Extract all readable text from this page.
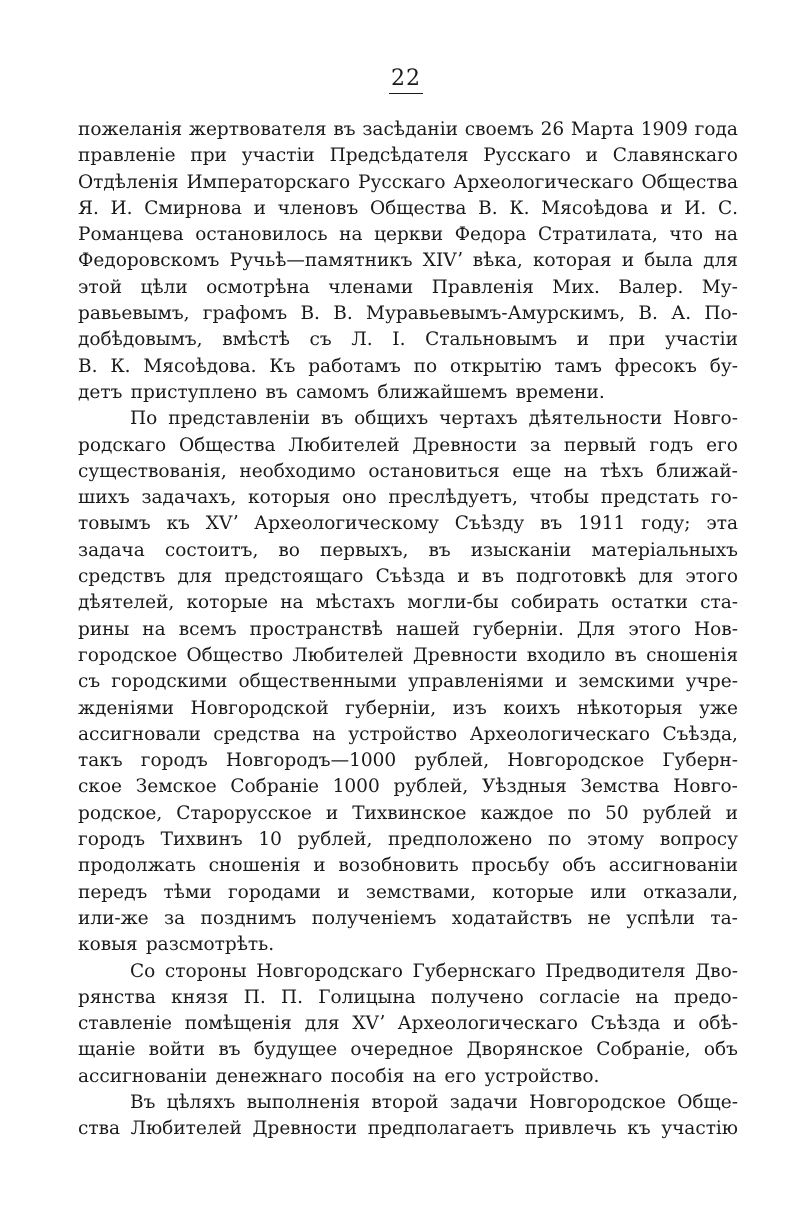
22
пожеланія жертвователя въ засѣданіи своемъ 26 Марта 1909 года
правленіе при участіи Предсѣдателя Русскаго и Славянскаго
Отдѣленія Императорскаго Русскаго Археологическаго Общества
Я. И. Смирнова и членовъ Общества В. К. Мясоѣдова и И. С.
Романцева остановилось на церкви Федора Стратилата, что на
Федоровскомъ Ручьѣ—памятникъ XIVʼ вѣка, которая и была для
этой цѣли осмотрѣна членами Правленія Мих. Валер. Му-
равьевымъ, графомъ В. В. Муравьевымъ-Амурскимъ, В. А. По-
добѣдовымъ, вмѣстѣ съ Л. І. Стальновымъ и при участіи
В. К. Мясоѣдова. Къ работамъ по открытію тамъ фресокъ бу-
детъ приступлено въ самомъ ближайшемъ времени.
По представленіи въ общихъ чертахъ дѣятельности Новго-
родскаго Общества Любителей Древности за первый годъ его
существованія, необходимо остановиться еще на тѣхъ ближай-
шихъ задачахъ, которыя оно преслѣдуетъ, чтобы предстать го-
товымъ къ XVʼ Археологическому Съѣзду въ 1911 году; эта
задача состоитъ, во первыхъ, въ изысканіи матеріальныхъ
средствъ для предстоящаго Съѣзда и въ подготовкѣ для этого
дѣятелей, которые на мѣстахъ могли-бы собирать остатки ста-
рины на всемъ пространствѣ нашей губерніи. Для этого Нов-
городское Общество Любителей Древности входило въ сношенія
съ городскими общественными управленіями и земскими учре-
жденіями Новгородской губерніи, изъ коихъ нѣкоторыя уже
ассигновали средства на устройство Археологическаго Съѣзда,
такъ городъ Новгородъ—1000 рублей, Новгородское Губерн-
ское Земское Собраніе 1000 рублей, Уѣздныя Земства Новго-
родское, Старорусское и Тихвинское каждое по 50 рублей и
городъ Тихвинъ 10 рублей, предположено по этому вопросу
продолжать сношенія и возобновить просьбу объ ассигнованіи
передъ тѣми городами и земствами, которые или отказали,
или-же за позднимъ полученіемъ ходатайствъ не успѣли та-
ковыя разсмотрѣть.
Со стороны Новгородскаго Губернскаго Предводителя Дво-
рянства князя П. П. Голицына получено согласіе на предо-
ставленіе помѣщенія для XVʼ Археологическаго Съѣзда и обѣ-
щаніе войти въ будущее очередное Дворянское Собраніе, объ
ассигнованіи денежнаго пособія на его устройство.
Въ цѣляхъ выполненія второй задачи Новгородское Обще-
ства Любителей Древности предполагаетъ привлечь къ участію
